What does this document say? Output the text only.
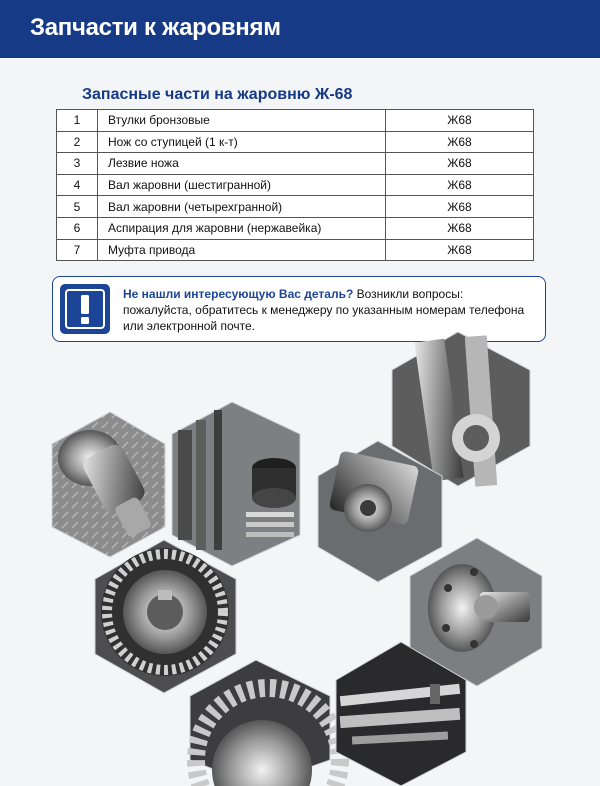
Запчасти к жаровням
Запасные части на жаровню Ж-68
1	Втулки бронзовые	Ж68
2	Нож со ступицей (1 к-т)	Ж68
3	Лезвие ножа	Ж68
4	Вал жаровни (шестигранной)	Ж68
5	Вал жаровни (четырехгранной)	Ж68
6	Аспирация для жаровни (нержавейка)	Ж68
7	Муфта привода	Ж68
Не нашли интересующую Вас деталь? Возникли вопросы: пожалуйста, обратитесь к менеджеру по указанным номерам телефона или электронной почте.
